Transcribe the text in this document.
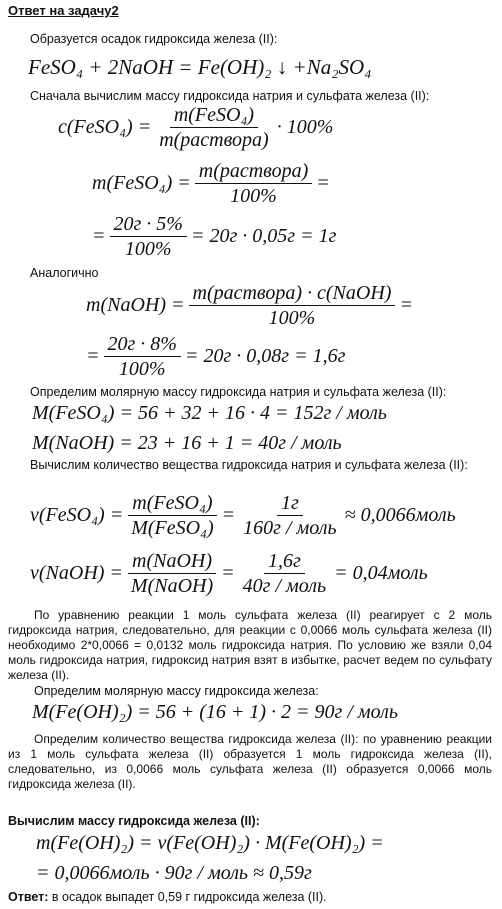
Ответ на задачу2
Образуется осадок гидроксида железа (II):
FeSO₄ + 2NaOH = Fe(OH)₂ ↓ +Na₂SO₄
Сначала вычислим массу гидроксида натрия и сульфата железа (II):
c(FeSO₄) = $\frac{\text{m(FeSO₄)}}{\text{m(раствора)}} \cdot 100\%$
m(FeSO₄) = $\frac{\text{m(раствора)}}{100\%}$ =
= $\frac{20г \cdot 5\%}{100\%} = 20г \cdot 0,05г = 1г$
Аналогично
m(NaOH) = $\frac{\text{m(раствора) · c(NaOH)}}{100\%}$ =
= $\frac{20г \cdot 8\%}{100\%} = 20г \cdot 0,08г = 1,6г$
Определим молярную массу гидроксида натрия и сульфата железа (II):
M(FeSO₄) = 56 + 32 + 16 · 4 = 152г / моль
M(NaOH) = 23 + 16 + 1 = 40г / моль
Вычислим количество вещества гидроксида натрия и сульфата железа (II):
ν(FeSO₄) = $\frac{\text{m(FeSO₄)}}{\text{M(FeSO₄)}} = \frac{1г}{\text{160г / моль}}$ ≈ 0,0066моль
ν(NaOH) = $\frac{\text{m(NaOH)}}{\text{M(NaOH)}} = \frac{1,6г}{\text{40г / моль}}$ = 0,04моль
По уравнению реакции 1 моль сульфата железа (II) реагирует с 2 моль гидроксида натрия, следовательно, для реакции с 0,0066 моль сульфата железа (II) необходимо 2*0,0066 = 0,0132 моль гидроксида натрия. По условию же взяли 0,04 моль гидроксида натрия, гидроксид натрия взят в избытке, расчет ведем по сульфату железа (II).
Определим молярную массу гидроксида железа:
M(Fe(OH)₂) = 56 + (16 + 1) · 2 = 90г / моль
Определим количество вещества гидроксида железа (II): по уравнению реакции из 1 моль сульфата железа (II) образуется 1 моль гидроксида железа (II), следовательно, из 0,0066 моль сульфата железа (II) образуется 0,0066 моль гидроксида железа (II).
Вычислим массу гидроксида железа (II):
m(Fe(OH)₂) = ν(Fe(OH)₂) · M(Fe(OH)₂) =
= 0,0066моль · 90г / моль ≈ 0,59г
Ответ: в осадок выпадет 0,59 г гидроксида железа (II).
